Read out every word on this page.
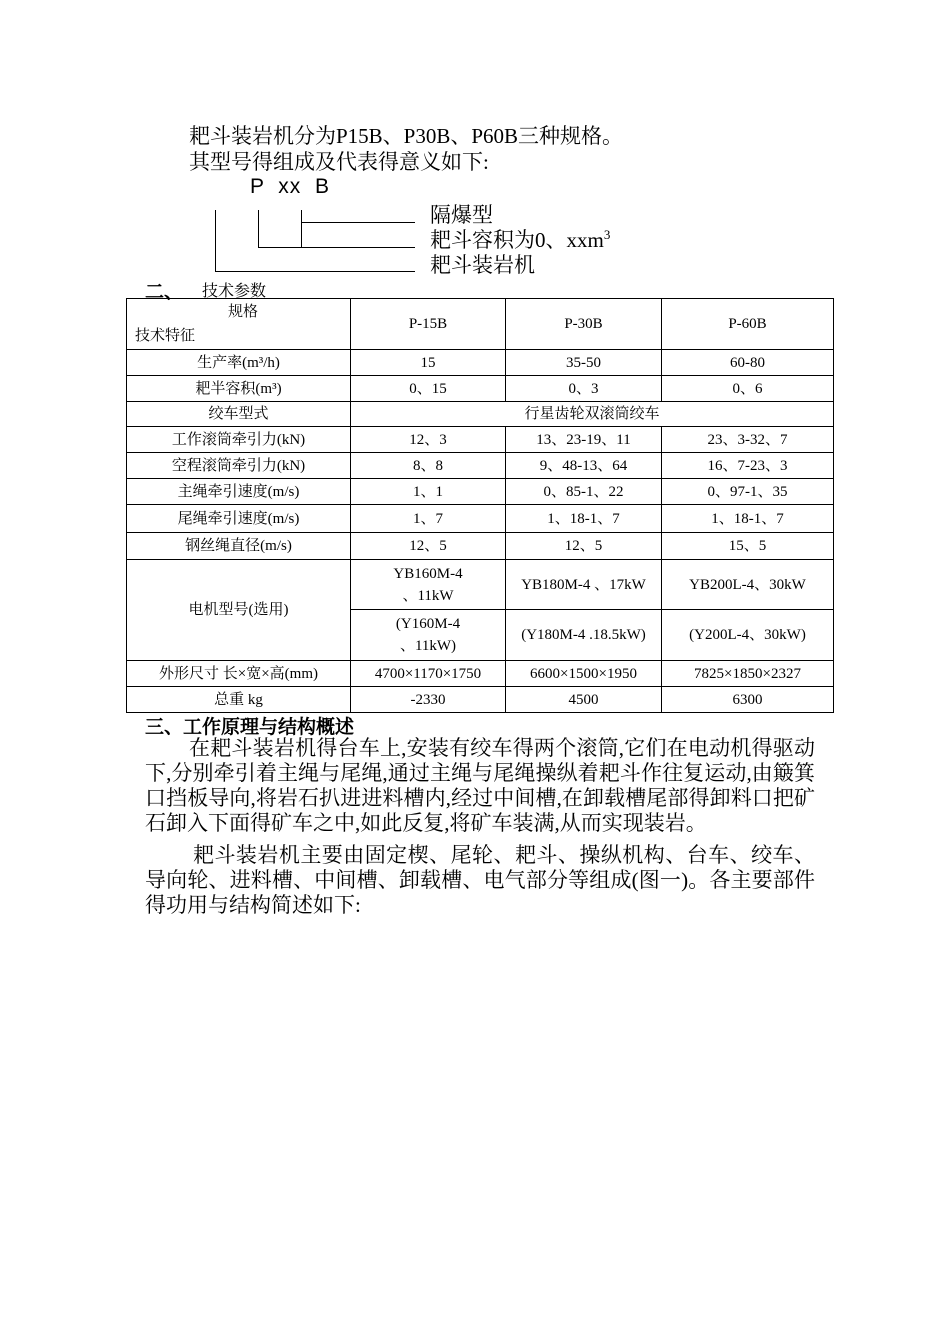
耙斗装岩机分为P15B、P30B、P60B三种规格。
其型号得组成及代表得意义如下:
P  xx  B
隔爆型
耙斗容积为0、xxm$^3$
耙斗装岩机
二、 技术参数
规格
技术特征	P-15B	P-30B	P-60B
生产率(m³/h)	15	35-50	60-80
耙半容积(m³)	0、15	0、3	0、6
绞车型式	行星齿轮双滚筒绞车		
工作滚筒牵引力(kN)	12、3	13、23-19、11	23、3-32、7
空程滚筒牵引力(kN)	8、8	9、48-13、64	16、7-23、3
主绳牵引速度(m/s)	1、1	0、85-1、22	0、97-1、35
尾绳牵引速度(m/s)	1、7	1、18-1、7	1、18-1、7
钢丝绳直径(m/s)	12、5	12、5	15、5
电机型号(选用)	YB160M-4
、11kW	YB180M-4 、17kW	YB200L-4、30kW
	(Y160M-4
、11kW)	(Y180M-4 .18.5kW)	(Y200L-4、30kW)
外形尺寸 长×宽×高(mm)	4700×1170×1750	6600×1500×1950	7825×1850×2327
总重 kg	-2330	4500	6300
三、工作原理与结构概述

在耙斗装岩机得台车上,安装有绞车得两个滚筒,它们在电动机得驱动下,分别牵引着主绳与尾绳,通过主绳与尾绳操纵着耙斗作往复运动,由簸箕口挡板导向,将岩石扒进进料槽内,经过中间槽,在卸载槽尾部得卸料口把矿石卸入下面得矿车之中,如此反复,将矿车装满,从而实现装岩。

耙斗装岩机主要由固定楔、尾轮、耙斗、操纵机构、台车、绞车、导向轮、进料槽、中间槽、卸载槽、电气部分等组成(图一)。各主要部件得功用与结构简述如下:
